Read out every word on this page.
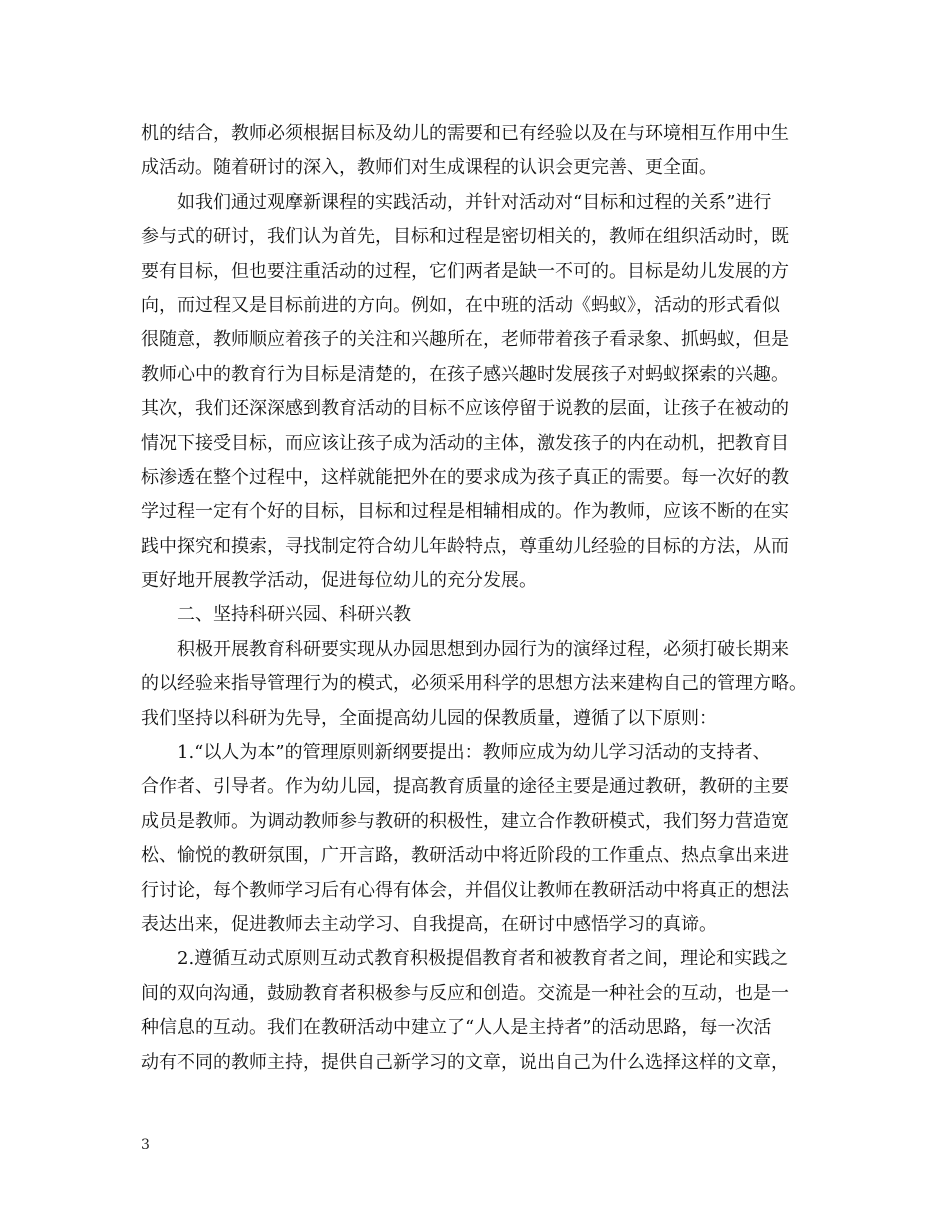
机的结合，教师必须根据目标及幼儿的需要和已有经验以及在与环境相互作用中生
成活动。随着研讨的深入，教师们对生成课程的认识会更完善、更全面。

如我们通过观摩新课程的实践活动，并针对活动对“目标和过程的关系”进行
参与式的研讨，我们认为首先，目标和过程是密切相关的，教师在组织活动时，既
要有目标，但也要注重活动的过程，它们两者是缺一不可的。目标是幼儿发展的方
向，而过程又是目标前进的方向。例如，在中班的活动《蚂蚁》，活动的形式看似
很随意，教师顺应着孩子的关注和兴趣所在，老师带着孩子看录象、抓蚂蚁，但是
教师心中的教育行为目标是清楚的，在孩子感兴趣时发展孩子对蚂蚁探索的兴趣。
其次，我们还深深感到教育活动的目标不应该停留于说教的层面，让孩子在被动的
情况下接受目标，而应该让孩子成为活动的主体，激发孩子的内在动机，把教育目
标渗透在整个过程中，这样就能把外在的要求成为孩子真正的需要。每一次好的教
学过程一定有个好的目标，目标和过程是相辅相成的。作为教师，应该不断的在实
践中探究和摸索，寻找制定符合幼儿年龄特点，尊重幼儿经验的目标的方法，从而
更好地开展教学活动，促进每位幼儿的充分发展。

二、坚持科研兴园、科研兴教

积极开展教育科研要实现从办园思想到办园行为的演绎过程，必须打破长期来
的以经验来指导管理行为的模式，必须采用科学的思想方法来建构自己的管理方略。
我们坚持以科研为先导，全面提高幼儿园的保教质量，遵循了以下原则：

1.“以人为本”的管理原则新纲要提出：教师应成为幼儿学习活动的支持者、
合作者、引导者。作为幼儿园，提高教育质量的途径主要是通过教研，教研的主要
成员是教师。为调动教师参与教研的积极性，建立合作教研模式，我们努力营造宽
松、愉悦的教研氛围，广开言路，教研活动中将近阶段的工作重点、热点拿出来进
行讨论，每个教师学习后有心得有体会，并倡仪让教师在教研活动中将真正的想法
表达出来，促进教师去主动学习、自我提高，在研讨中感悟学习的真谛。

2.遵循互动式原则互动式教育积极提倡教育者和被教育者之间，理论和实践之
间的双向沟通，鼓励教育者积极参与反应和创造。交流是一种社会的互动，也是一
种信息的互动。我们在教研活动中建立了“人人是主持者”的活动思路，每一次活
动有不同的教师主持，提供自己新学习的文章，说出自己为什么选择这样的文章，

3
